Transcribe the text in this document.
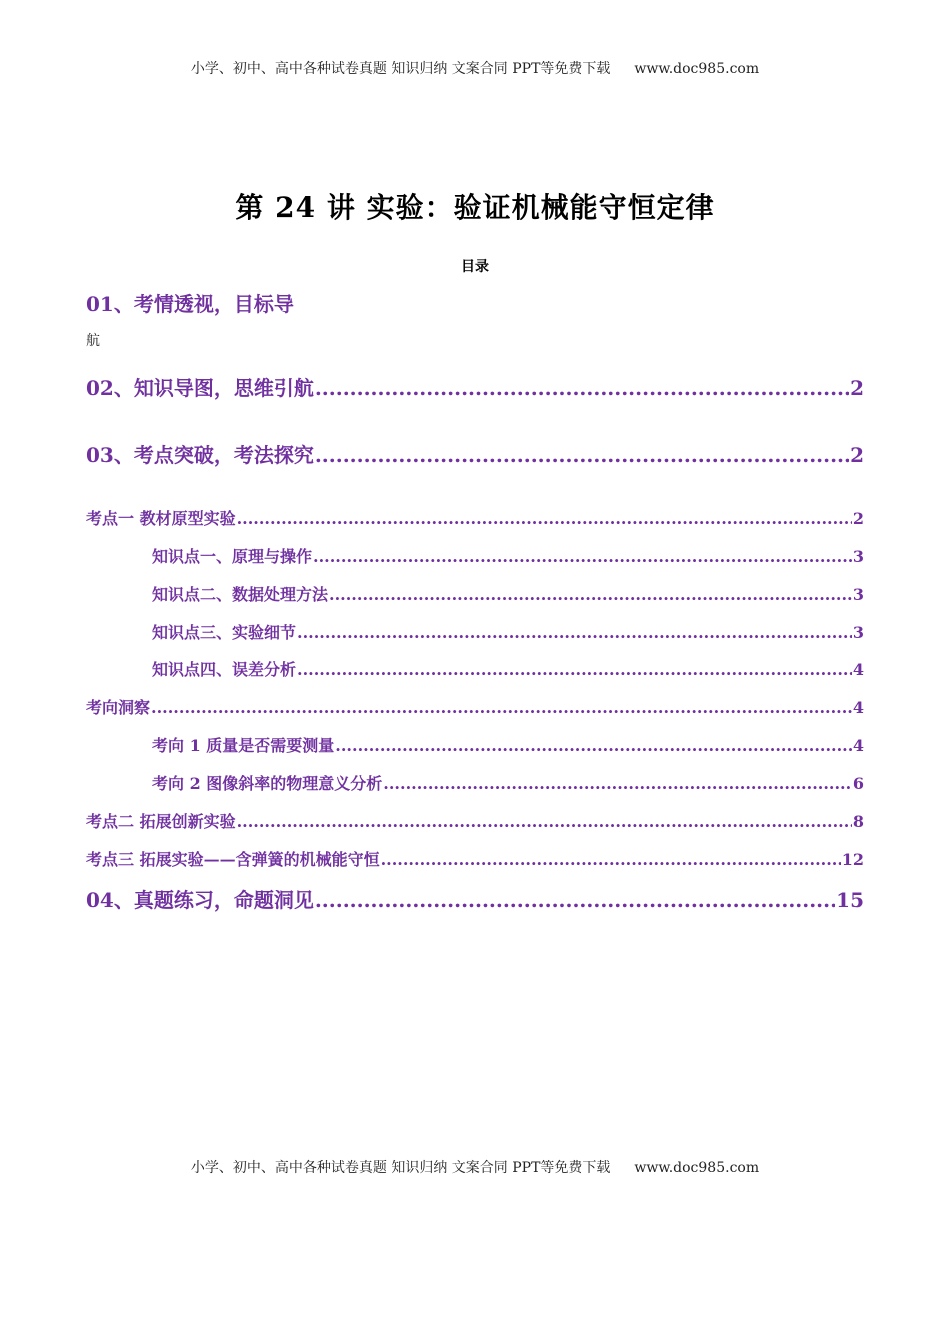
小学、初中、高中各种试卷真题 知识归纳 文案合同 PPT等免费下载 www.doc985.com
第 24 讲 实验：验证机械能守恒定律
目录
01、考情透视，目标导
航
02、知识导图，思维引航 .....	2
03、考点突破，考法探究 .....	2
考点一 教材原型实验 .....	2
知识点一、原理与操作 .....	3
知识点二、数据处理方法 .....	3
知识点三、实验细节 .....	3
知识点四、误差分析 .....	4
考向洞察 .....	4
考向 1 质量是否需要测量 .....	4
考向 2 图像斜率的物理意义分析 .....	6
考点二 拓展创新实验 .....	8
考点三 拓展实验——含弹簧的机械能守恒 .....	12
04、真题练习，命题洞见 .....	15
小学、初中、高中各种试卷真题 知识归纳 文案合同 PPT等免费下载 www.doc985.com
